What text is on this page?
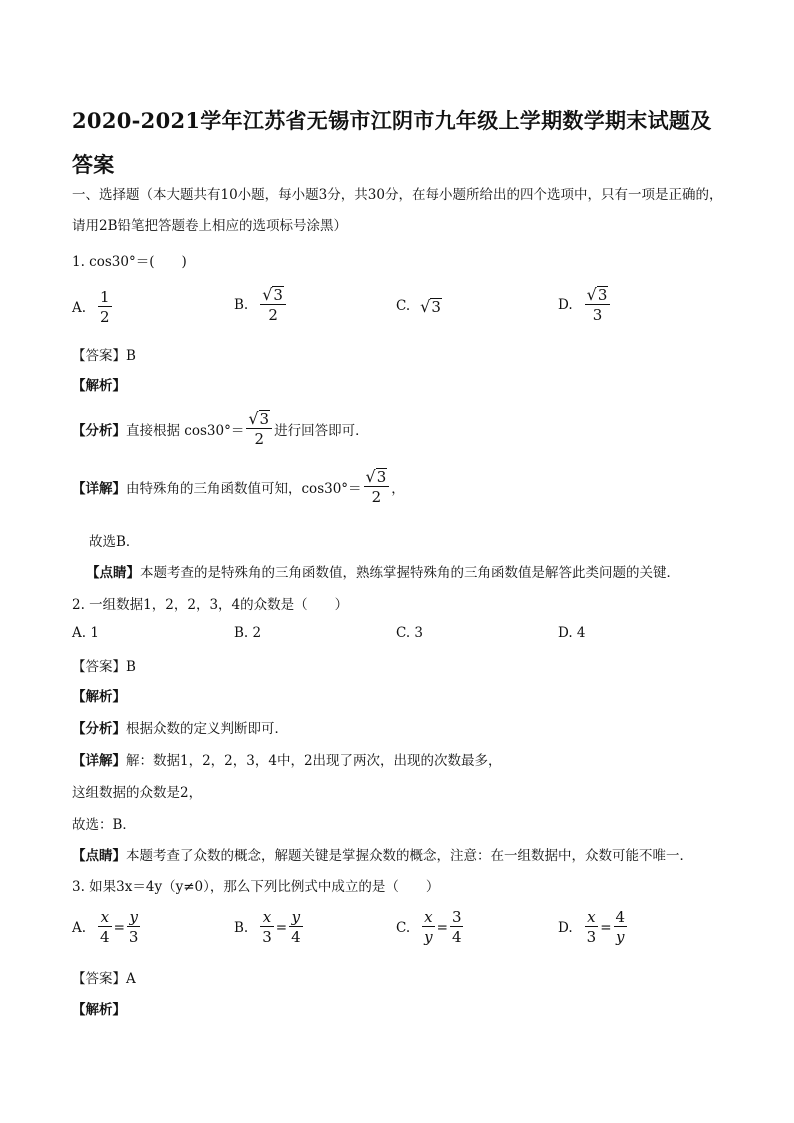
2020-2021学年江苏省无锡市江阴市九年级上学期数学期末试题及答案
一、选择题（本大题共有10小题，每小题3分，共30分，在每小题所给出的四个选项中，只有一项是正确的，请用2B铅笔把答题卷上相应的选项标号涂黑）
1. cos30°＝(　　)
A. $\frac{1}{2}$	B. $\frac{√ 3}{2}$	C. √ 3	D. $\frac{√ 3}{3}$
【答案】B
【解析】
【分析】 直接根据 $\cos 30^\circ= \frac{√ 3}{2}$ 进行回答即可．
【详解】 由特殊角的三角函数值可知，$\cos 30^\circ= \frac{√ 3}{2}$ ，
故选B．
【点睛】本题考查的是特殊角的三角函数值，熟练掌握特殊角的三角函数值是解答此类问题的关键．
2. 一组数据1，2，2，3，4的众数是（　　）
A. 1	B. 2	C. 3	D. 4
【答案】B
【解析】
【分析】根据众数的定义判断即可．
【详解】解：数据1，2，2，3，4中，2出现了两次，出现的次数最多，
这组数据的众数是2，
故选：B．
【点睛】本题考查了众数的概念，解题关键是掌握众数的概念，注意：在一组数据中，众数可能不唯一．
3. 如果3x＝4y（y≠0），那么下列比例式中成立的是（　　）
A. $\frac{x}{4} = \frac{y}{3}$	B. $\frac{x}{3} = \frac{y}{4}$	C. $\frac{x}{y} = \frac{3}{4}$	D. $\frac{x}{3} = \frac{4}{y}$
【答案】A
【解析】
